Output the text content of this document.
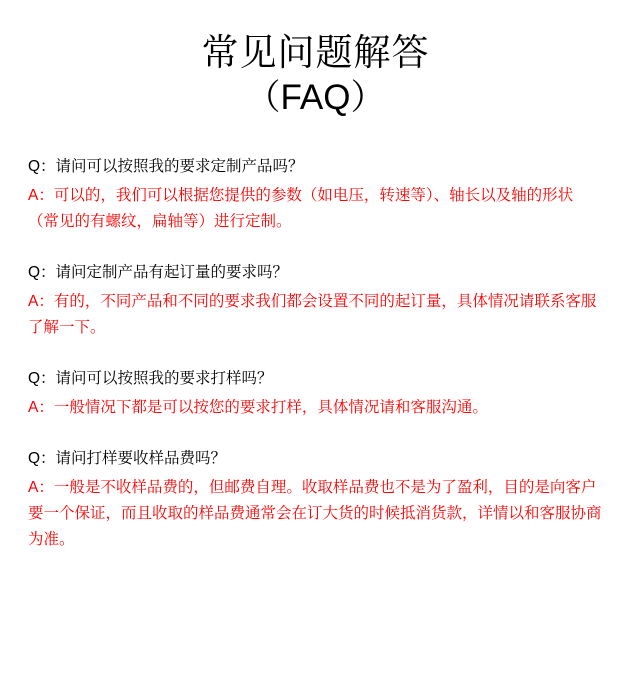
常见问题解答
（FAQ）
Q：请问可以按照我的要求定制产品吗？
A：可以的，我们可以根据您提供的参数（如电压，转速等）、轴长以及轴的形状（常见的有螺纹，扁轴等）进行定制。
Q：请问定制产品有起订量的要求吗？
A：有的，不同产品和不同的要求我们都会设置不同的起订量，具体情况请联系客服了解一下。
Q：请问可以按照我的要求打样吗？
A：一般情况下都是可以按您的要求打样，具体情况请和客服沟通。
Q：请问打样要收样品费吗？
A：一般是不收样品费的，但邮费自理。收取样品费也不是为了盈利，目的是向客户要一个保证，而且收取的样品费通常会在订大货的时候抵消货款，详情以和客服协商为准。
